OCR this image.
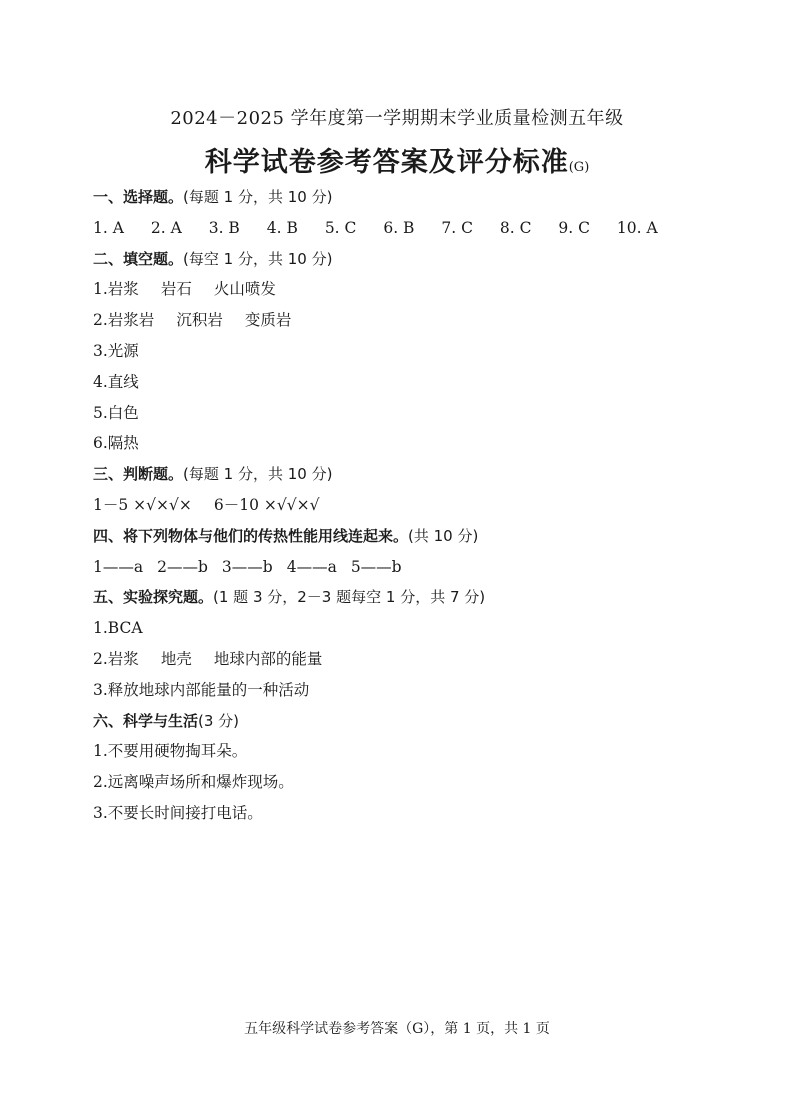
2024－2025 学年度第一学期期末学业质量检测五年级
科学试卷参考答案及评分标准(G)
一、选择题。(每题 1 分，共 10 分)
1. A 2. A 3. B 4. B 5. C 6. B 7. C 8. C 9. C 10. A
二、填空题。(每空 1 分，共 10 分)
1.岩浆 岩石 火山喷发
2.岩浆岩 沉积岩 变质岩
3.光源
4.直线
5.白色
6.隔热
三、判断题。(每题 1 分，共 10 分)
1－5 ×√×√× 6－10 ×√√×√
四、将下列物体与他们的传热性能用线连起来。(共 10 分)
1——a 2——b 3——b 4——a 5——b
五、实验探究题。(1 题 3 分，2－3 题每空 1 分，共 7 分)
1.BCA
2.岩浆 地壳 地球内部的能量
3.释放地球内部能量的一种活动
六、科学与生活(3 分)
1.不要用硬物掏耳朵。
2.远离噪声场所和爆炸现场。
3.不要长时间接打电话。
五年级科学试卷参考答案（G），第 1 页，共 1 页
